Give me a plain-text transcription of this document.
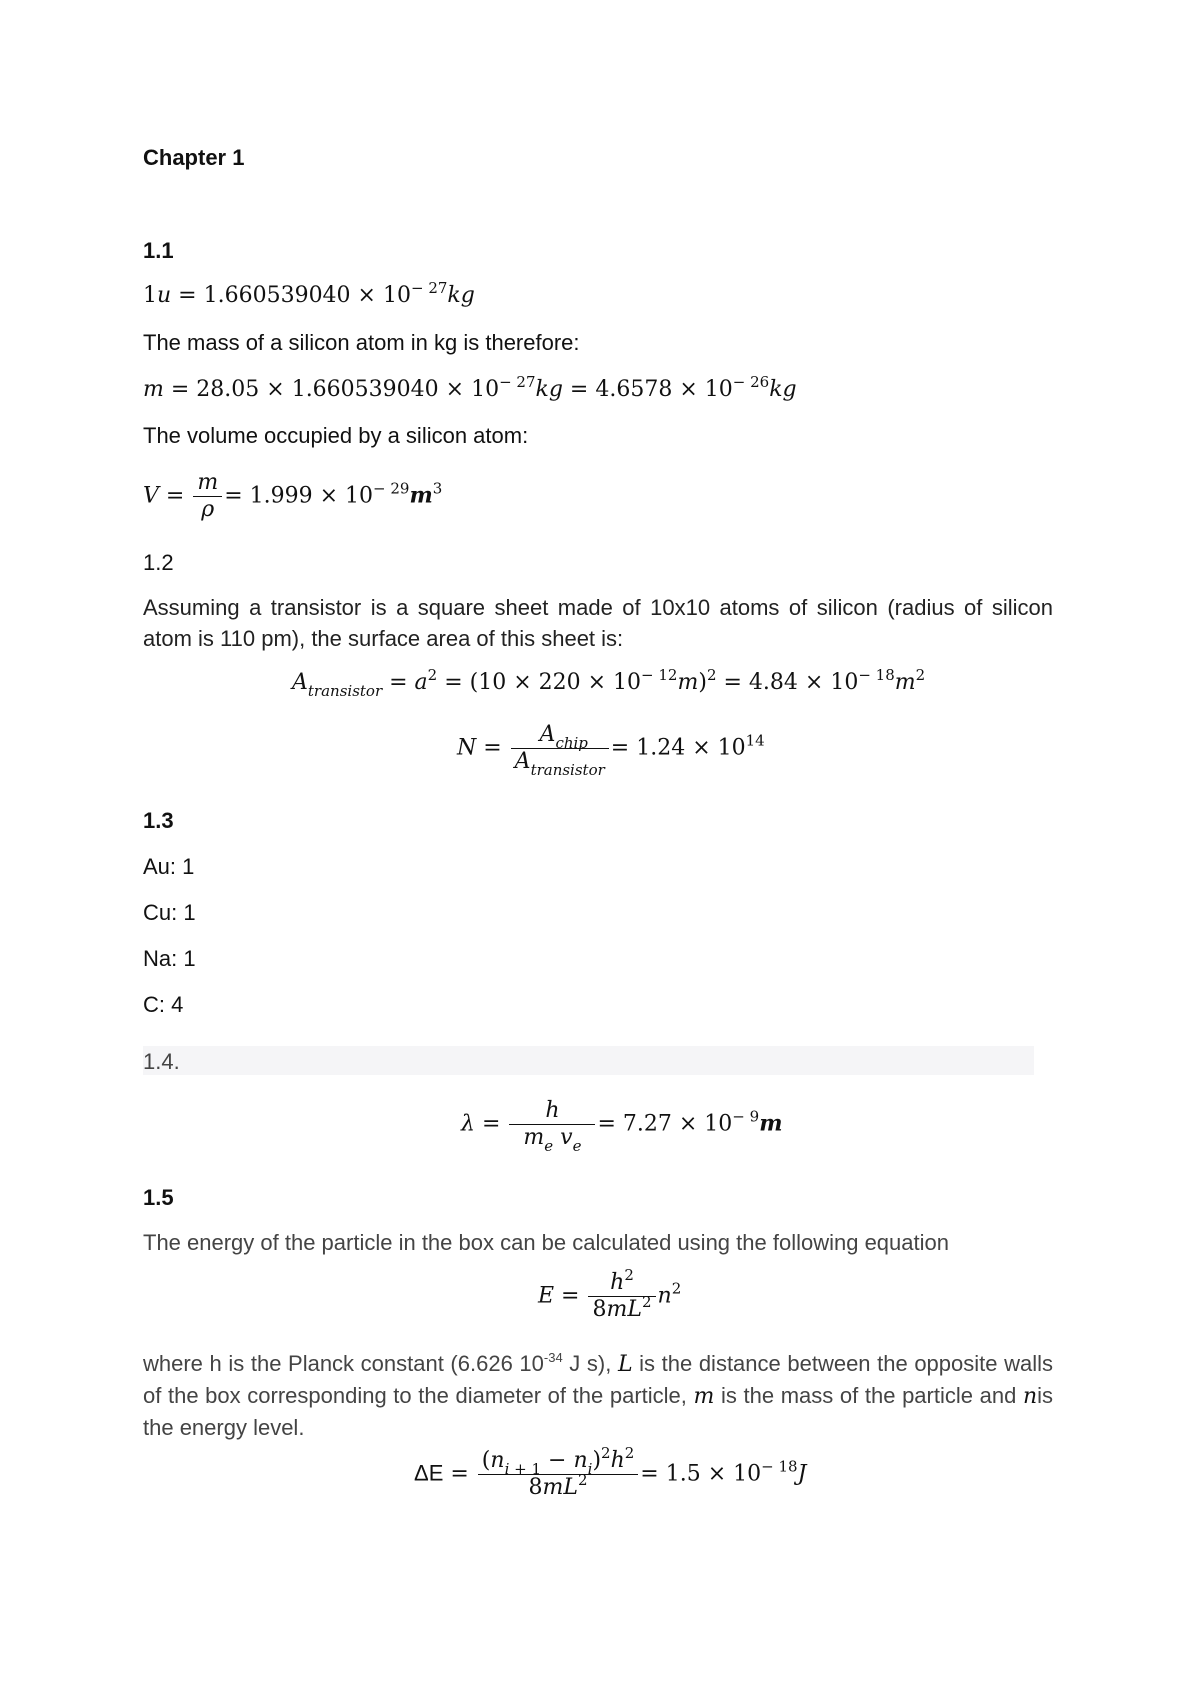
Chapter 1
1.1
$1u = 1.660539040 \times 10^{- 27}kg$
The mass of a silicon atom in kg is therefore:
$m = 28.05 \times 1.660539040 \times 10^{- 27}kg = 4.6578 \times 10^{- 26}kg$
The volume occupied by a silicon atom:
$V = \frac{m}{\rho} = 1.999 \times 10^{- 29}m^3$
1.2
Assuming a transistor is a square sheet made of 10x10 atoms of silicon (radius of silicon atom is 110 pm), the surface area of this sheet is:
$A_{transistor} = a^2 = (10 \times 220 \times 10^{- 12}m)^2 = 4.84 \times 10^{- 18}m^2$
$N = \frac{A_{chip}}{A_{transistor}} = 1.24 \times 10^{14}$
1.3
Au: 1
Cu: 1
Na: 1
C: 4
1.4.
$\lambda = \frac{h}{m_e v_e} = 7.27 \times 10^{- 9}m$
1.5
The energy of the particle in the box can be calculated using the following equation
$E = \frac{h^2}{8mL^2} n^2$
where h is the Planck constant (6.626 $10^{-34}$ J s), L is the distance between the opposite walls of the box corresponding to the diameter of the particle, m is the mass of the particle and nis the energy level.
$\Delta E = \frac{(n_{i + 1} - n_i)^2h^2}{8mL^2} = 1.5 \times 10^{- 18}J$
